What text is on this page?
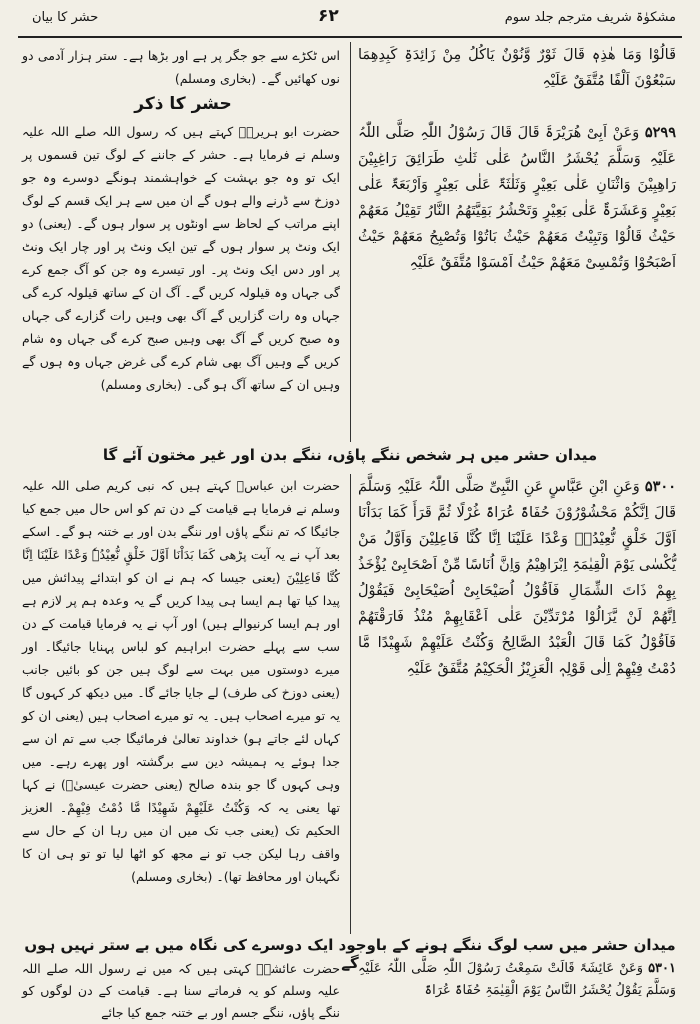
مشکوٰۃ شریف مترجم جلد سوم
۶۲
حشر کا بیان
قَالُوْا وَمَا ھٰذِہٖ قَالَ ثَوْرٌ وَّنُوْنٌ یَاکُلُ مِنْ زَائِدَۃِ کَبِدِھِمَا سَبْعُوْنَ اَلْفًا مُتَّفَقٌ عَلَیْہِ
اس ٹکڑے سے جو جگر پر ہے اور بڑھا ہے۔ ستر ہزار آدمی دو نوں کھائیں گے۔ (بخاری ومسلم)
حشر کا ذکر
۵۲۹۹ وَعَنْ اَبِیْ ھُرَیْرَۃَ قَالَ قَالَ رَسُوْلُ اللّٰہِ صَلَّی اللّٰہُ عَلَیْہِ وَسَلَّمَ یُحْشَرُ النَّاسُ عَلٰی ثَلٰثِ طَرَائِقَ رَاغِبِیْنَ رَاھِبِیْنَ وَاثْنَانِ عَلٰی بَعِیْرٍ وَثَلٰثَۃٌ عَلٰی بَعِیْرٍ وَاَرْبَعَۃٌ عَلٰی بَعِیْرٍ وَعَشَرَۃٌ عَلٰی بَعِیْرٍ وَتَحْشُرُ بَقِیَّتَھُمُ النَّارُ تَقِیْلُ مَعَھُمْ حَیْثُ قَالُوْا وَتَبِیْتُ مَعَھُمْ حَیْثُ بَاتُوْا وَتُصْبِحُ مَعَھُمْ حَیْثُ اَصْبَحُوْا وَتُمْسِیْ مَعَھُمْ حَیْثُ اَمْسَوْا مُتَّفَقٌ عَلَیْہِ
حضرت ابو ہریرہؓ کہتے ہیں کہ رسول اللہ صلے اللہ علیہ وسلم نے فرمایا ہے۔ حشر کے جاننے کے لوگ تین قسموں پر ایک تو وہ جو بہشت کے خواہشمند ہونگے دوسرے وہ جو دوزخ سے ڈرنے والے ہوں گے ان میں سے ہر ایک قسم کے لوگ اپنے مراتب کے لحاظ سے اونٹوں پر سوار ہوں گے۔ (یعنی) دو ایک ونٹ پر سوار ہوں گے تین ایک ونٹ پر اور چار ایک ونٹ پر اور دس ایک ونٹ پر۔ اور تیسرے وہ جن کو آگ جمع کرے گی جہاں وہ قیلولہ کریں گے۔ آگ ان کے ساتھ قیلولہ کرے گی جہاں وہ رات گزاریں گے آگ بھی وہیں رات گزارے گی جہاں وہ صبح کریں گے آگ بھی وہیں صبح کرے گی جہاں وہ شام کریں گے وہیں آگ بھی شام کرے گی غرض جہاں وہ ہوں گے وہیں ان کے ساتھ آگ ہو گی۔ (بخاری ومسلم)
میدان حشر میں ہر شخص ننگے پاؤں، ننگے بدن اور غیر مختون آئے گا
۵۳۰۰ وَعَنِ ابْنِ عَبَّاسٍ عَنِ النَّبِیِّ صَلَّی اللّٰہُ عَلَیْہِ وَسَلَّمَ قَالَ اِنَّکُمْ مَحْشُوْرُوْنَ حُفَاۃً عُرَاۃً غُرْلًا ثُمَّ قَرَأَ کَمَا بَدَاْنَا اَوَّلَ خَلْقٍ نُّعِیْدُہٗ وَعْدًا عَلَیْنَا اِنَّا کُنَّا فَاعِلِیْنَ وَاَوَّلُ مَنْ یُّکْسٰی یَوْمَ الْقِیٰمَۃِ اِبْرَاھِیْمُ وَاِنَّ اُنَاسًا مِّنْ اَصْحَابِیْ یُؤْخَذُ بِھِمْ ذَاتَ الشِّمَالِ فَاَقُوْلُ اُصَیْحَابِیْ اُصَیْحَابِیْ فَیَقُوْلُ اِنَّھُمْ لَنْ یَّزَالُوْا مُرْتَدِّیْنَ عَلٰی اَعْقَابِھِمْ مُنْذُ فَارَقْتَھُمْ فَاَقُوْلُ کَمَا قَالَ الْعَبْدُ الصَّالِحُ وَکُنْتُ عَلَیْھِمْ شَھِیْدًا مَّا دُمْتُ فِیْھِمْ اِلٰی قَوْلِہٖ الْعَزِیْزُ الْحَکِیْمُ مُتَّفَقٌ عَلَیْہِ
حضرت ابن عباسؓ کہتے ہیں کہ نبی کریم صلی اللہ علیہ وسلم نے فرمایا ہے قیامت کے دن تم کو اس حال میں جمع کیا جائیگا کہ تم ننگے پاؤں اور ننگے بدن اور بے ختنہ ہو گے۔ اسکے بعد آپ نے یہ آیت پڑھی کَمَا بَدَاْنَا اَوَّلَ خَلْقٍ نُّعِیْدُہٗ وَعْدًا عَلَیْنَا اِنَّا کُنَّا فَاعِلِیْنَ (یعنی جیسا کہ ہم نے ان کو ابتدائے پیدائش میں پیدا کیا تھا ہم ایسا ہی پیدا کریں گے یہ وعدہ ہم پر لازم ہے اور ہم ایسا کرنیوالے ہیں) اور آپ نے یہ فرمایا قیامت کے دن سب سے پہلے حضرت ابراہیم کو لباس پہنایا جائیگا۔ اور میرے دوستوں میں بہت سے لوگ ہیں جن کو بائیں جانب (یعنی دوزخ کی طرف) لے جایا جائے گا۔ میں دیکھ کر کہوں گا یہ تو میرے اصحاب ہیں۔ یہ تو میرے اصحاب ہیں (یعنی ان کو کہاں لئے جاتے ہو) خداوند تعالیٰ فرمائیگا جب سے تم ان سے جدا ہوئے یہ ہمیشہ دین سے برگشتہ اور پھرے رہے۔ میں وہی کہوں گا جو بندہ صالح (یعنی حضرت عیسیٰؑ) نے کہا تھا یعنی یہ کہ وَکُنْتُ عَلَیْھِمْ شَھِیْدًا مَّا دُمْتُ فِیْھِمْ۔ العزیز الحکیم تک (یعنی جب تک میں ان میں رہا ان کے حال سے واقف رہا لیکن جب تو نے مجھ کو اٹھا لیا تو تو ہی ان کا نگہبان اور محافظ تھا)۔ (بخاری ومسلم)
میدان حشر میں سب لوگ ننگے ہونے کے باوجود ایک دوسرے کی نگاہ میں بے ستر نہیں ہوں گے	۵۳۰۱ وَعَنْ عَائِشَۃَ قَالَتْ سَمِعْتُ رَسُوْلَ اللّٰہِ صَلَّی اللّٰہُ عَلَیْہِ وَسَلَّمَ یَقُوْلُ یُحْشَرُ النَّاسُ یَوْمَ الْقِیٰمَۃِ حُفَاۃً عُرَاۃً
حضرت عائشہؓ کہتی ہیں کہ میں نے رسول اللہ صلے اللہ علیہ وسلم کو یہ فرماتے سنا ہے۔ قیامت کے دن لوگوں کو ننگے پاؤں، ننگے جسم اور بے ختنہ جمع کیا جائے
